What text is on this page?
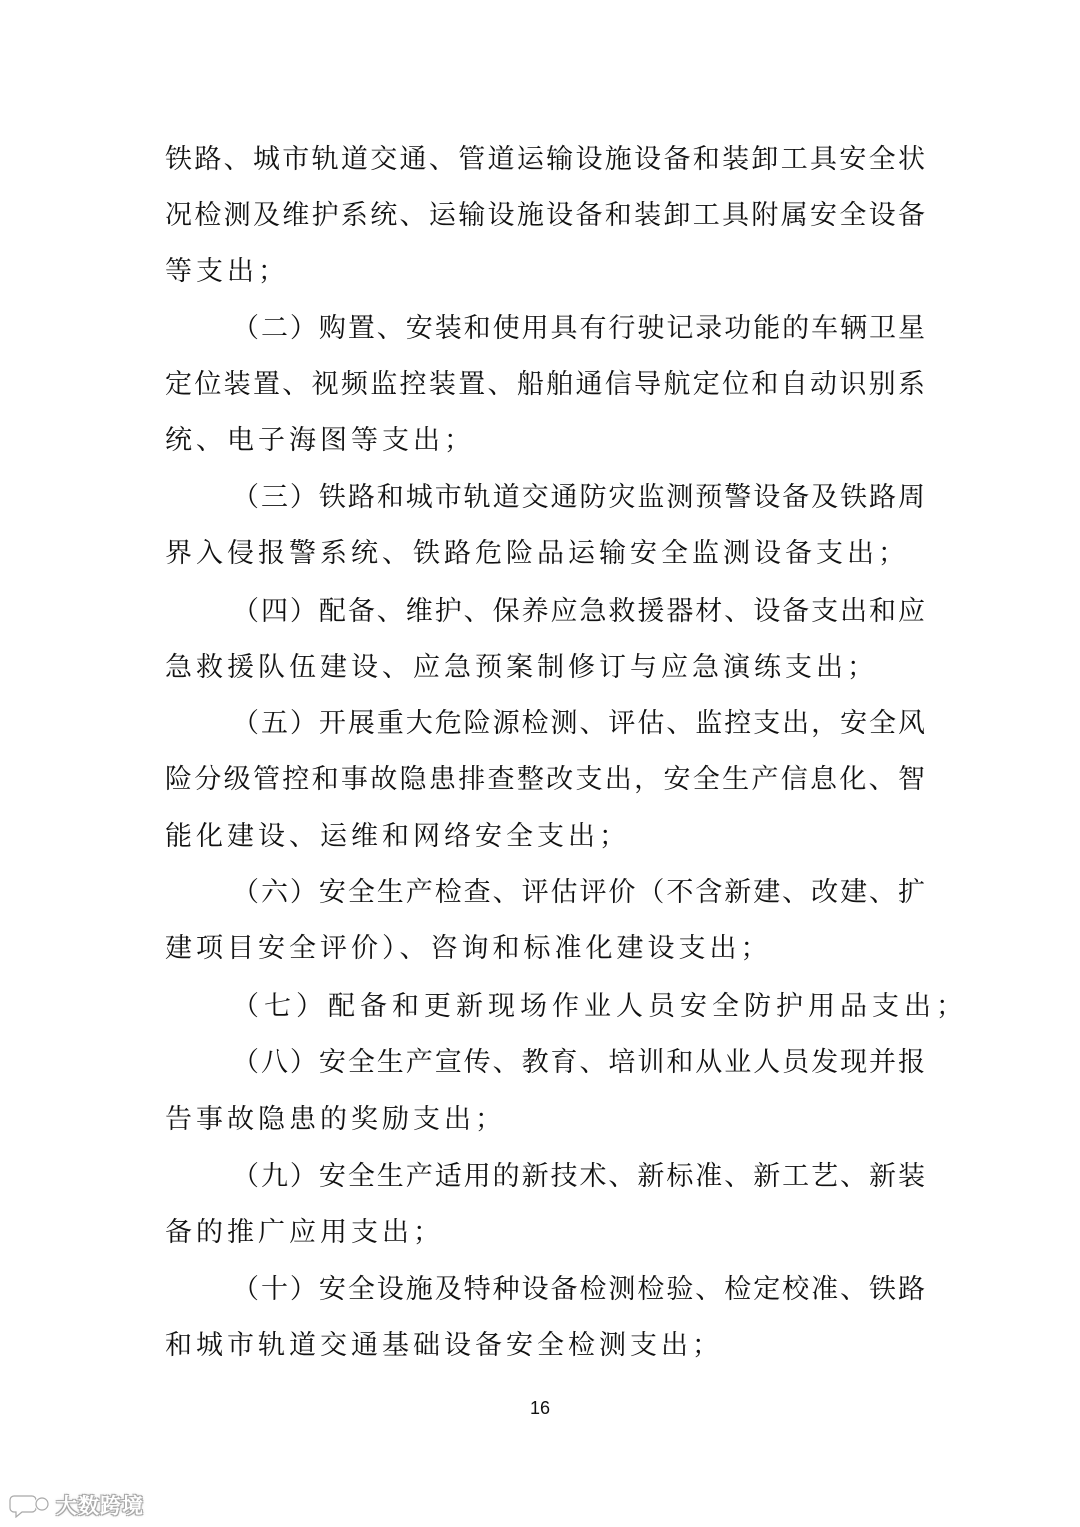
铁路、城市轨道交通、管道运输设施设备和装卸工具安全状
况检测及维护系统、运输设施设备和装卸工具附属安全设备
等支出；
（二）购置、安装和使用具有行驶记录功能的车辆卫星
定位装置、视频监控装置、船舶通信导航定位和自动识别系
统、电子海图等支出；
（三）铁路和城市轨道交通防灾监测预警设备及铁路周
界入侵报警系统、铁路危险品运输安全监测设备支出；
（四）配备、维护、保养应急救援器材、设备支出和应
急救援队伍建设、应急预案制修订与应急演练支出；
（五）开展重大危险源检测、评估、监控支出，安全风
险分级管控和事故隐患排查整改支出，安全生产信息化、智
能化建设、运维和网络安全支出；
（六）安全生产检查、评估评价（不含新建、改建、扩
建项目安全评价）、咨询和标准化建设支出；
（七）配备和更新现场作业人员安全防护用品支出；
（八）安全生产宣传、教育、培训和从业人员发现并报
告事故隐患的奖励支出；
（九）安全生产适用的新技术、新标准、新工艺、新装
备的推广应用支出；
（十）安全设施及特种设备检测检验、检定校准、铁路
和城市轨道交通基础设备安全检测支出；
16
大数跨境
